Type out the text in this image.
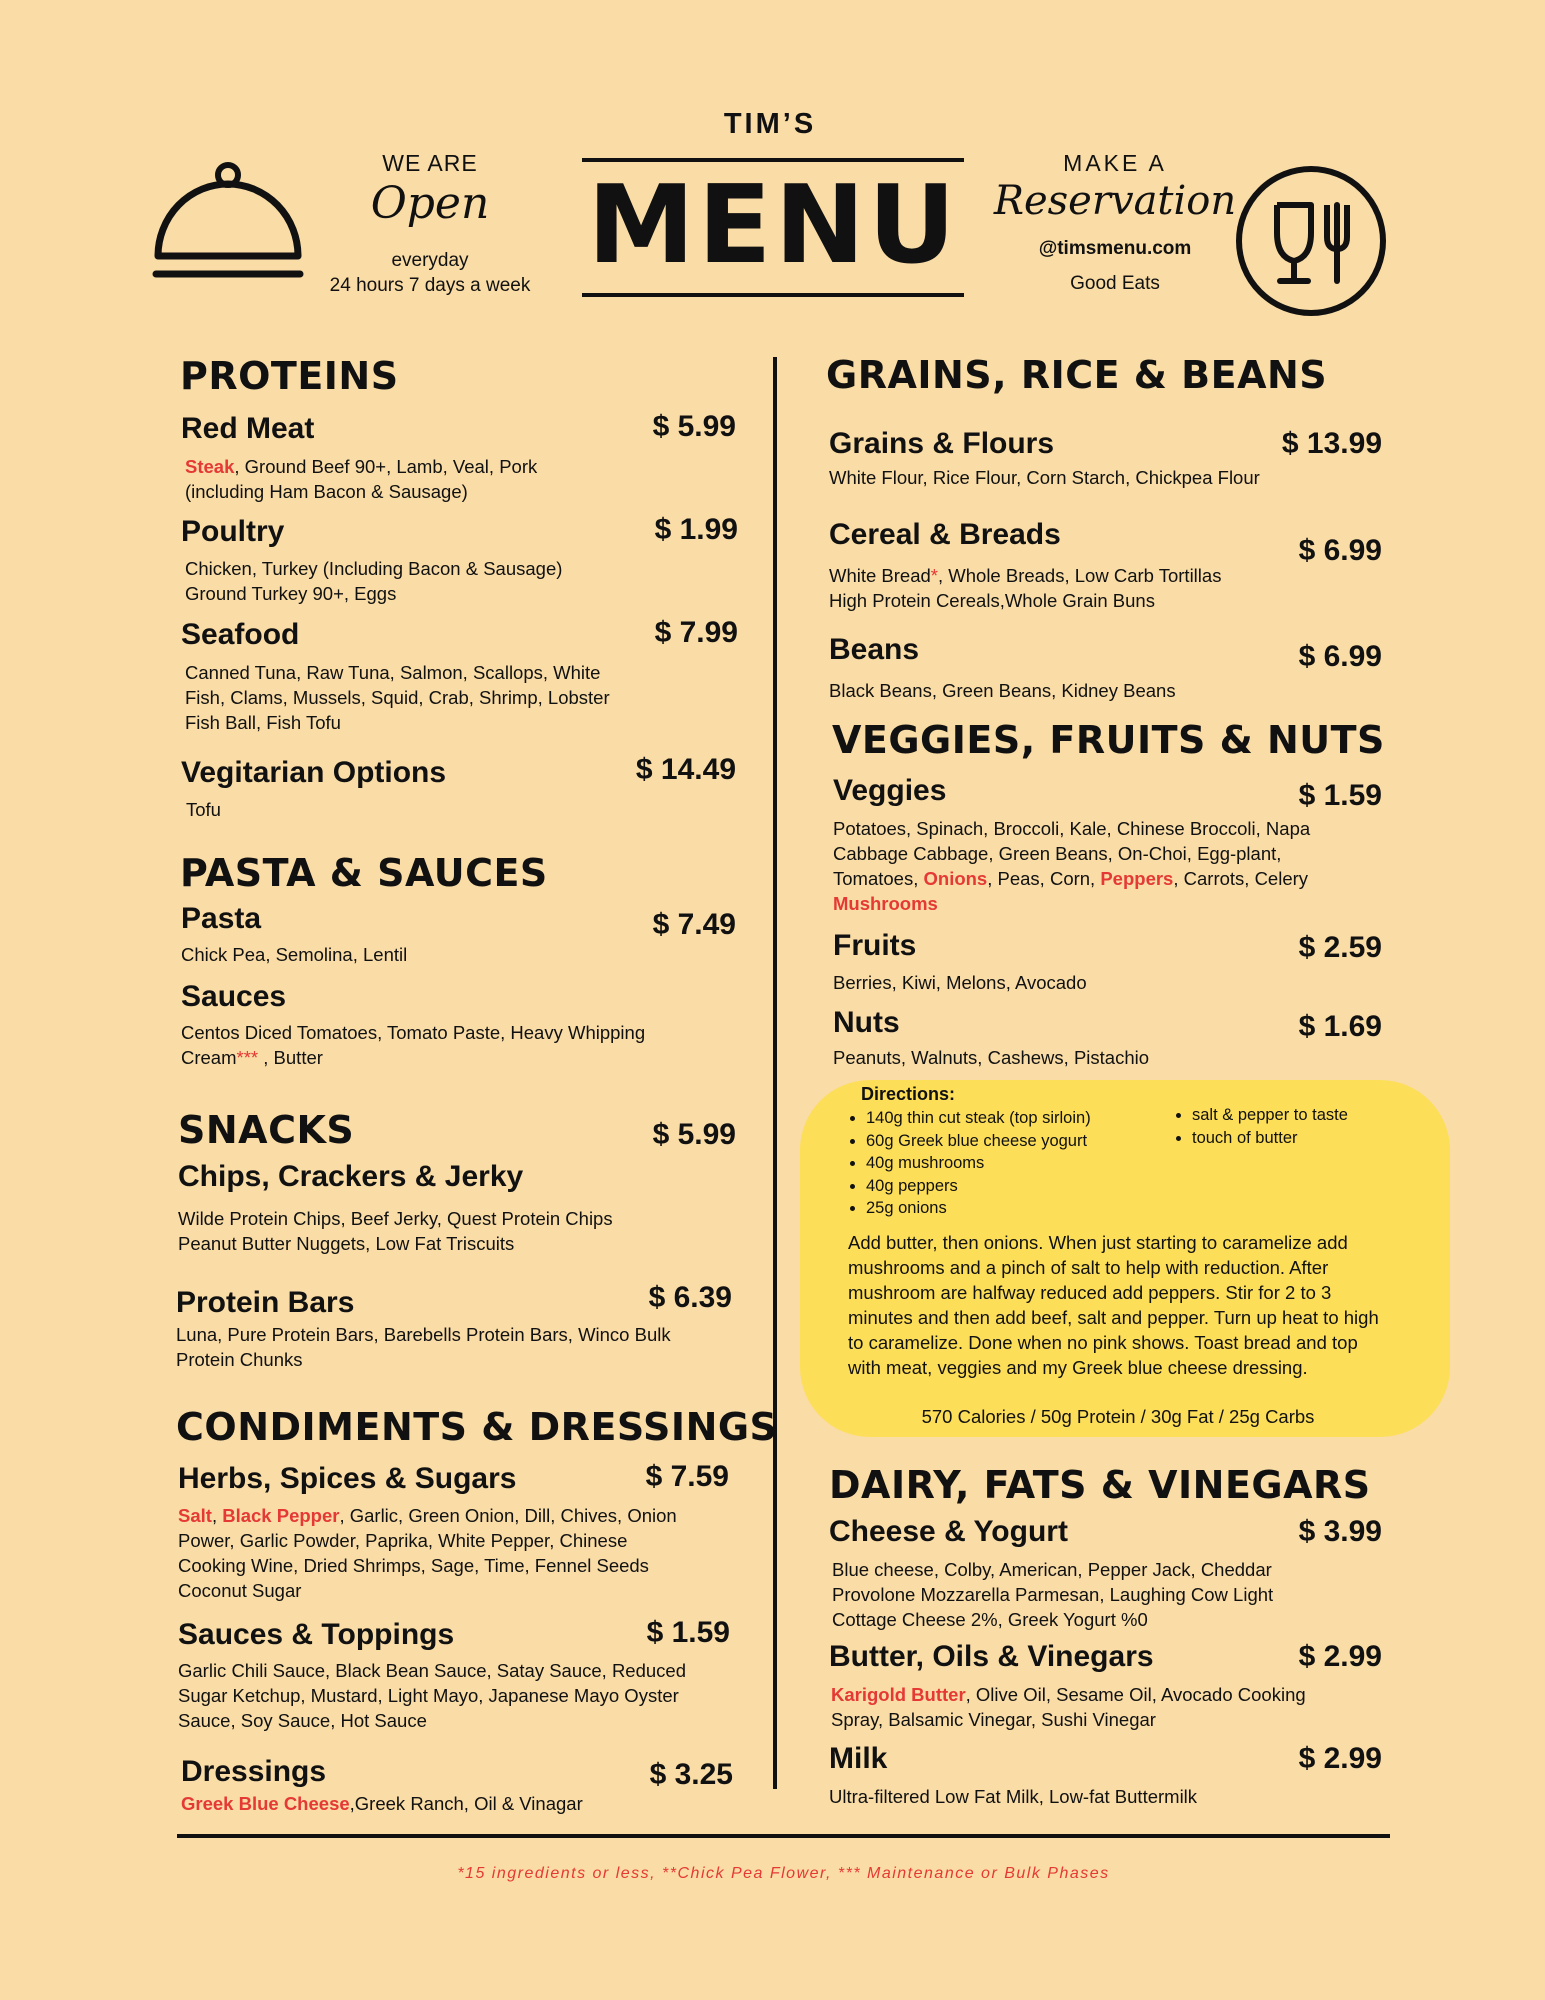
TIM’S
MENU
WE ARE
Open
everyday
24 hours 7 days a week
MAKE A
Reservation
@timsmenu.com
Good Eats
PROTEINS
Red Meat	$ 5.99
Steak, Ground Beef 90+, Lamb, Veal, Pork
(including Ham Bacon & Sausage)
Poultry	$ 1.99
Chicken, Turkey (Including Bacon & Sausage)
Ground Turkey 90+, Eggs
Seafood	$ 7.99
Canned Tuna, Raw Tuna, Salmon, Scallops, White
Fish, Clams, Mussels, Squid, Crab, Shrimp, Lobster
Fish Ball, Fish Tofu
Vegitarian Options	$ 14.49
Tofu
PASTA & SAUCES
Pasta	$ 7.49
Chick Pea, Semolina, Lentil
Sauces
Centos Diced Tomatoes, Tomato Paste, Heavy Whipping
Cream*** , Butter
SNACKS	$ 5.99
Chips, Crackers & Jerky
Wilde Protein Chips, Beef Jerky, Quest Protein Chips
Peanut Butter Nuggets, Low Fat Triscuits
Protein Bars	$ 6.39
Luna, Pure Protein Bars, Barebells Protein Bars, Winco Bulk
Protein Chunks
CONDIMENTS & DRESSINGS
Herbs, Spices & Sugars	$ 7.59
Salt, Black Pepper, Garlic, Green Onion, Dill, Chives, Onion
Power, Garlic Powder, Paprika, White Pepper, Chinese
Cooking Wine, Dried Shrimps, Sage, Time, Fennel Seeds
Coconut Sugar
Sauces & Toppings	$ 1.59
Garlic Chili Sauce, Black Bean Sauce, Satay Sauce, Reduced
Sugar Ketchup, Mustard, Light Mayo, Japanese Mayo Oyster
Sauce, Soy Sauce, Hot Sauce
Dressings	$ 3.25
Greek Blue Cheese,Greek Ranch, Oil & Vinagar
GRAINS, RICE & BEANS
Grains & Flours	$ 13.99
White Flour, Rice Flour, Corn Starch, Chickpea Flour
Cereal & Breads	$ 6.99
White Bread*, Whole Breads, Low Carb Tortillas
High Protein Cereals,Whole Grain Buns
Beans	$ 6.99
Black Beans, Green Beans, Kidney Beans
VEGGIES, FRUITS & NUTS
Veggies	$ 1.59
Potatoes, Spinach, Broccoli, Kale, Chinese Broccoli, Napa
Cabbage Cabbage, Green Beans, On-Choi, Egg-plant,
Tomatoes, Onions, Peas, Corn, Peppers, Carrots, Celery
Mushrooms
Fruits	$ 2.59
Berries, Kiwi, Melons, Avocado
Nuts	$ 1.69
Peanuts, Walnuts, Cashews, Pistachio
Directions:
• 140g thin cut steak (top sirloin)
• 60g Greek blue cheese yogurt
• 40g mushrooms
• 40g peppers
• 25g onions
• salt & pepper to taste
• touch of butter
Add butter, then onions. When just starting to caramelize add mushrooms and a pinch of salt to help with reduction. After mushroom are halfway reduced add peppers. Stir for 2 to 3 minutes and then add beef, salt and pepper. Turn up heat to high to caramelize. Done when no pink shows. Toast bread and top with meat, veggies and my Greek blue cheese dressing.
570 Calories / 50g Protein / 30g Fat / 25g Carbs
DAIRY, FATS & VINEGARS
Cheese & Yogurt	$ 3.99
Blue cheese, Colby, American, Pepper Jack, Cheddar
Provolone Mozzarella Parmesan, Laughing Cow Light
Cottage Cheese 2%, Greek Yogurt %0
Butter, Oils & Vinegars	$ 2.99
Karigold Butter, Olive Oil, Sesame Oil, Avocado Cooking
Spray, Balsamic Vinegar, Sushi Vinegar
Milk	$ 2.99
Ultra-filtered Low Fat Milk, Low-fat Buttermilk
*15 ingredients or less, **Chick Pea Flower, *** Maintenance or Bulk Phases
